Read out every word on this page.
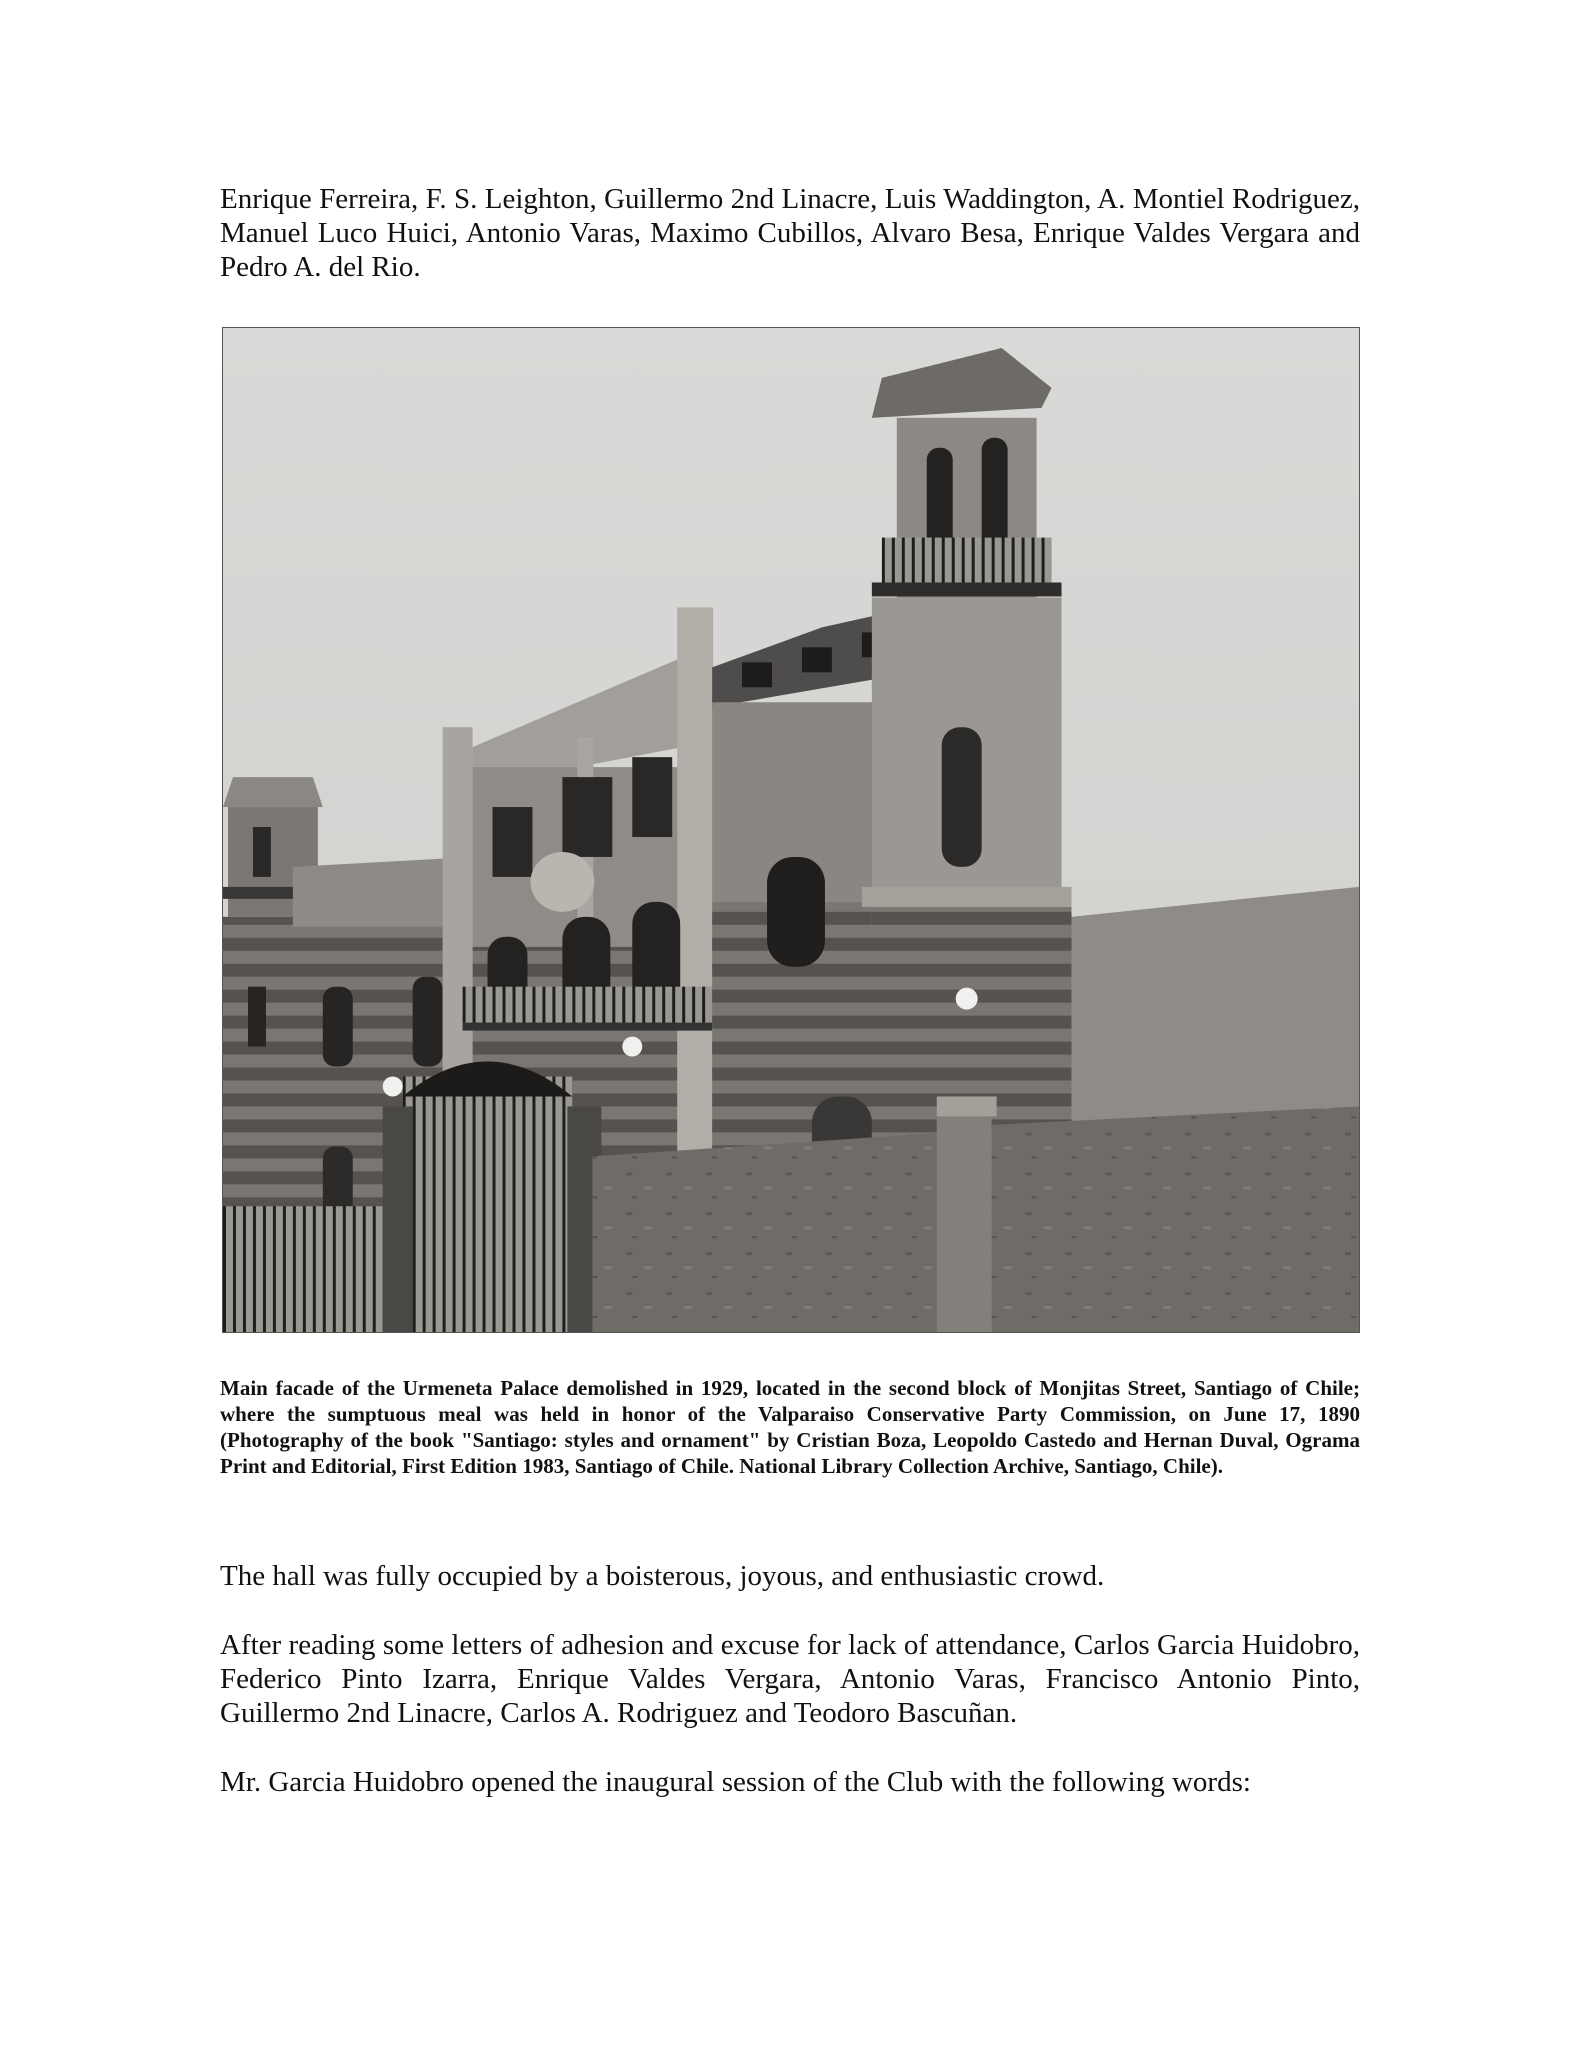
Enrique Ferreira, F. S. Leighton, Guillermo 2nd Linacre, Luis Waddington, A. Montiel Rodriguez, Manuel Luco Huici, Antonio Varas, Maximo Cubillos, Alvaro Besa, Enrique Valdes Vergara and Pedro A. del Rio.

Main facade of the Urmeneta Palace demolished in 1929, located in the second block of Monjitas Street, Santiago of Chile; where the sumptuous meal was held in honor of the Valparaiso Conservative Party Commission, on June 17, 1890 (Photography of the book "Santiago: styles and ornament" by Cristian Boza, Leopoldo Castedo and Hernan Duval, Ograma Print and Editorial, First Edition 1983, Santiago of Chile. National Library Collection Archive, Santiago, Chile).

The hall was fully occupied by a boisterous, joyous, and enthusiastic crowd.

After reading some letters of adhesion and excuse for lack of attendance, Carlos Garcia Huidobro, Federico Pinto Izarra, Enrique Valdes Vergara, Antonio Varas, Francisco Antonio Pinto, Guillermo 2nd Linacre, Carlos A. Rodriguez and Teodoro Bascuñan.

Mr. Garcia Huidobro opened the inaugural session of the Club with the following words:
